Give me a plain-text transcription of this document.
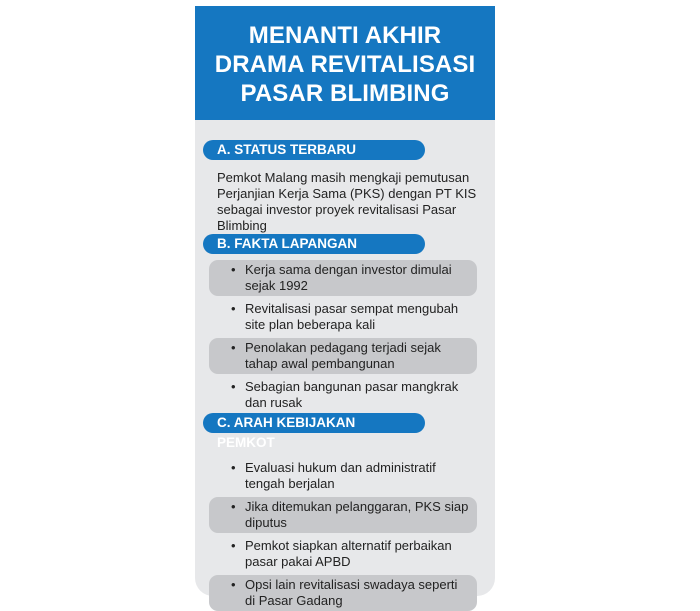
MENANTI AKHIR
DRAMA REVITALISASI
PASAR BLIMBING
A. STATUS TERBARU

Pemkot Malang masih mengkaji pemutusan Perjanjian Kerja Sama (PKS) dengan PT KIS sebagai investor proyek revitalisasi Pasar Blimbing

B. FAKTA LAPANGAN
• Kerja sama dengan investor dimulai sejak 1992
• Revitalisasi pasar sempat mengubah site plan beberapa kali
• Penolakan pedagang terjadi sejak tahap awal pembangunan
• Sebagian bangunan pasar mangkrak dan rusak
C. ARAH KEBIJAKAN PEMKOT
• Evaluasi hukum dan administratif tengah berjalan
• Jika ditemukan pelanggaran, PKS siap diputus
• Pemkot siapkan alternatif perbaikan pasar pakai APBD
• Opsi lain revitalisasi swadaya seperti di Pasar Gadang
